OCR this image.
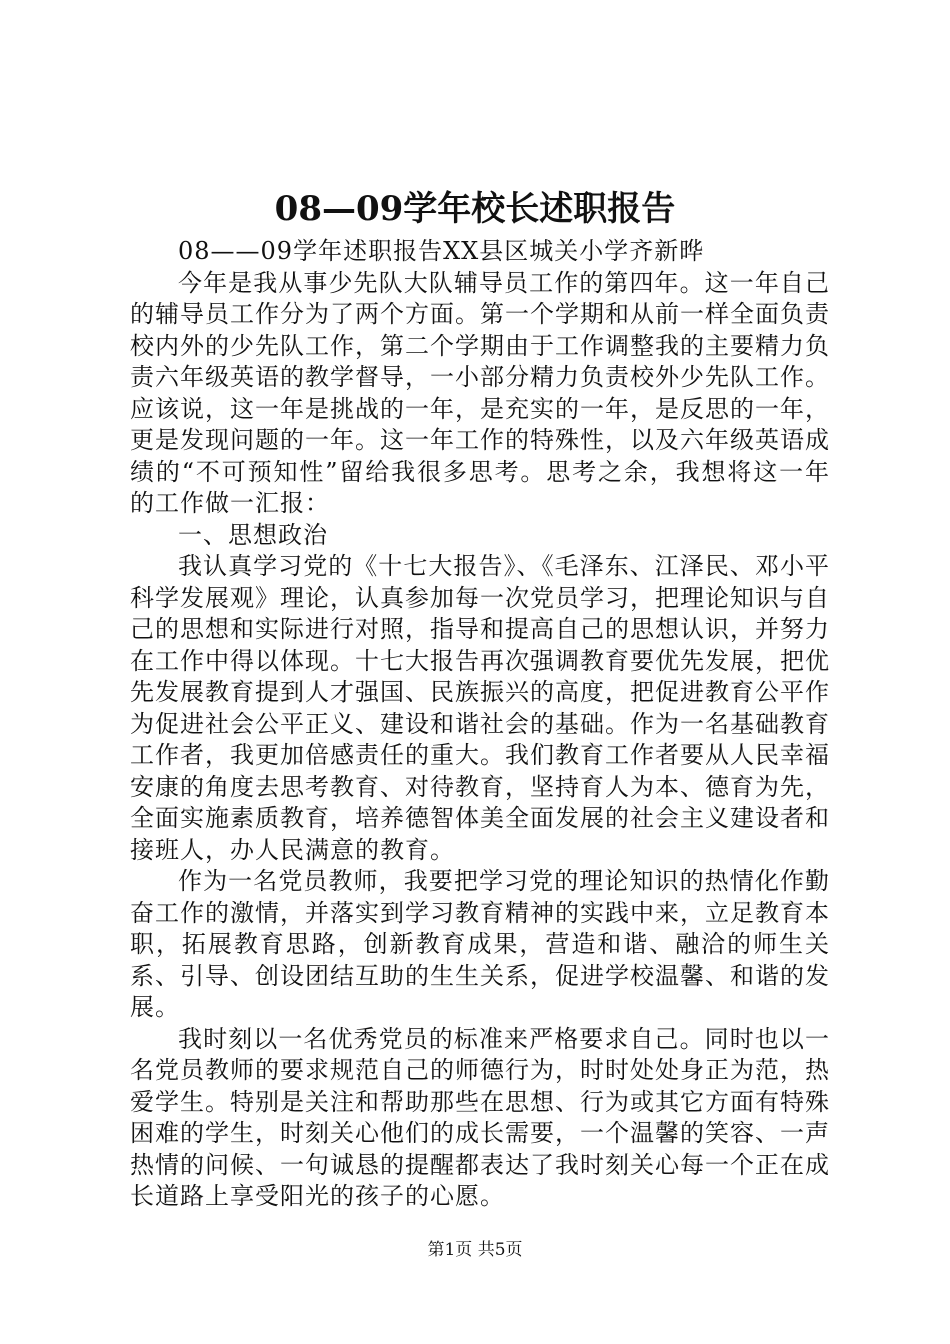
08—09学年校长述职报告

08——09学年述职报告XX县区城关小学齐新晔

今年是我从事少先队大队辅导员工作的第四年。这一年自己的辅导员工作分为了两个方面。第一个学期和从前一样全面负责校内外的少先队工作，第二个学期由于工作调整我的主要精力负责六年级英语的教学督导，一小部分精力负责校外少先队工作。应该说，这一年是挑战的一年，是充实的一年，是反思的一年，更是发现问题的一年。这一年工作的特殊性，以及六年级英语成绩的“不可预知性”留给我很多思考。思考之余，我想将这一年的工作做一汇报：

一、思想政治

我认真学习党的《十七大报告》、《毛泽东、江泽民、邓小平科学发展观》理论，认真参加每一次党员学习，把理论知识与自己的思想和实际进行对照，指导和提高自己的思想认识，并努力在工作中得以体现。十七大报告再次强调教育要优先发展，把优先发展教育提到人才强国、民族振兴的高度，把促进教育公平作为促进社会公平正义、建设和谐社会的基础。作为一名基础教育工作者，我更加倍感责任的重大。我们教育工作者要从人民幸福安康的角度去思考教育、对待教育，坚持育人为本、德育为先，全面实施素质教育，培养德智体美全面发展的社会主义建设者和接班人，办人民满意的教育。

作为一名党员教师，我要把学习党的理论知识的热情化作勤奋工作的激情，并落实到学习教育精神的实践中来，立足教育本职，拓展教育思路，创新教育成果，营造和谐、融洽的师生关系、引导、创设团结互助的生生关系，促进学校温馨、和谐的发展。

我时刻以一名优秀党员的标准来严格要求自己。同时也以一名党员教师的要求规范自己的师德行为，时时处处身正为范，热爱学生。特别是关注和帮助那些在思想、行为或其它方面有特殊困难的学生，时刻关心他们的成长需要，一个温馨的笑容、一声热情的问候、一句诚恳的提醒都表达了我时刻关心每一个正在成长道路上享受阳光的孩子的心愿。

第1页 共5页
